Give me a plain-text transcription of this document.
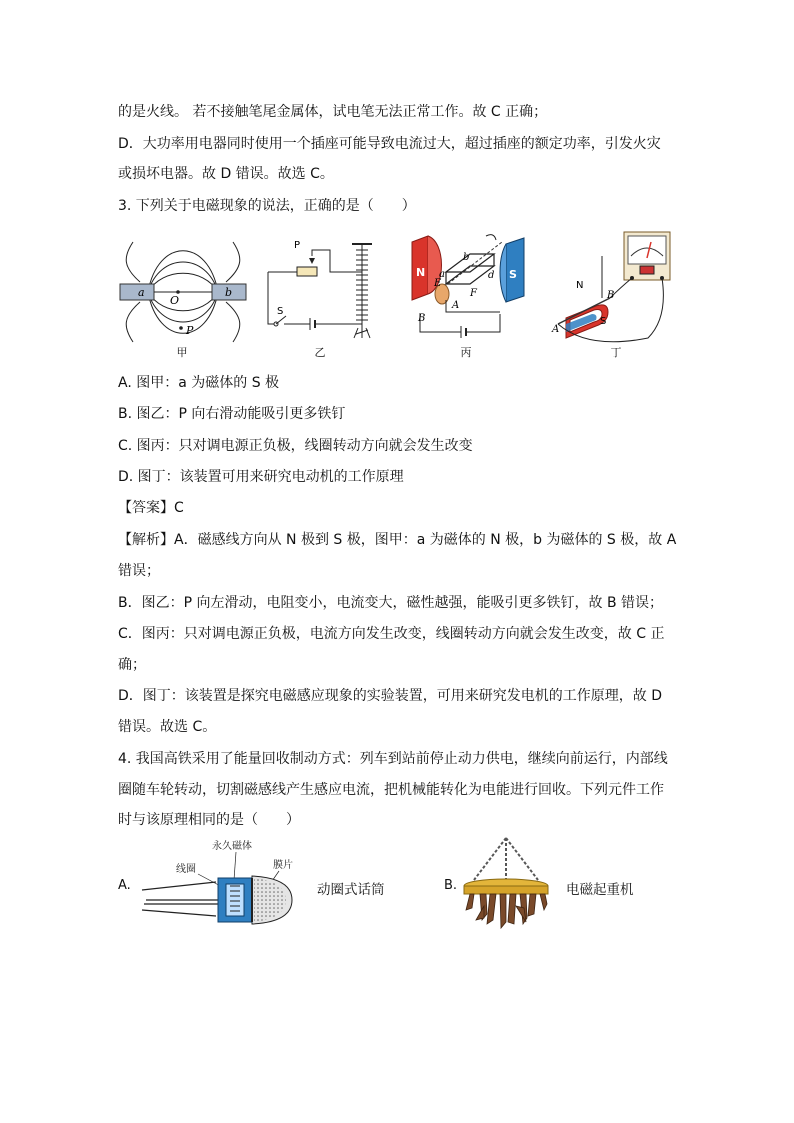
的是火线。 若不接触笔尾金属体，试电笔无法正常工作。故 C 正确；
D．大功率用电器同时使用一个插座可能导致电流过大，超过插座的额定功率，引发火灾
或损坏电器。故 D 错误。故选 C。
3. 下列关于电磁现象的说法，正确的是（　　）
a	b
O
P
甲
P
S
乙
N	S
b
a	d
E
F
A
B
丙
N
S
B
A
丁
A. 图甲：a 为磁体的 S 极
B. 图乙：P 向右滑动能吸引更多铁钉
C. 图丙：只对调电源正负极，线圈转动方向就会发生改变
D. 图丁：该装置可用来研究电动机的工作原理
【答案】C
【解析】A．磁感线方向从 N 极到 S 极，图甲：a 为磁体的 N 极，b 为磁体的 S 极，故 A
错误；
B．图乙：P 向左滑动，电阻变小，电流变大，磁性越强，能吸引更多铁钉，故 B 错误；
C．图丙：只对调电源正负极，电流方向发生改变，线圈转动方向就会发生改变，故 C 正
确；
D．图丁：该装置是探究电磁感应现象的实验装置，可用来研究发电机的工作原理，故 D
错误。故选 C。
4. 我国高铁采用了能量回收制动方式：列车到站前停止动力供电，继续向前运行，内部线
圈随车轮转动，切割磁感线产生感应电流，把机械能转化为电能进行回收。下列元件工作
时与该原理相同的是（　　）
A.
永久磁体
线圈	膜片
动圈式话筒	B.	电磁起重机
